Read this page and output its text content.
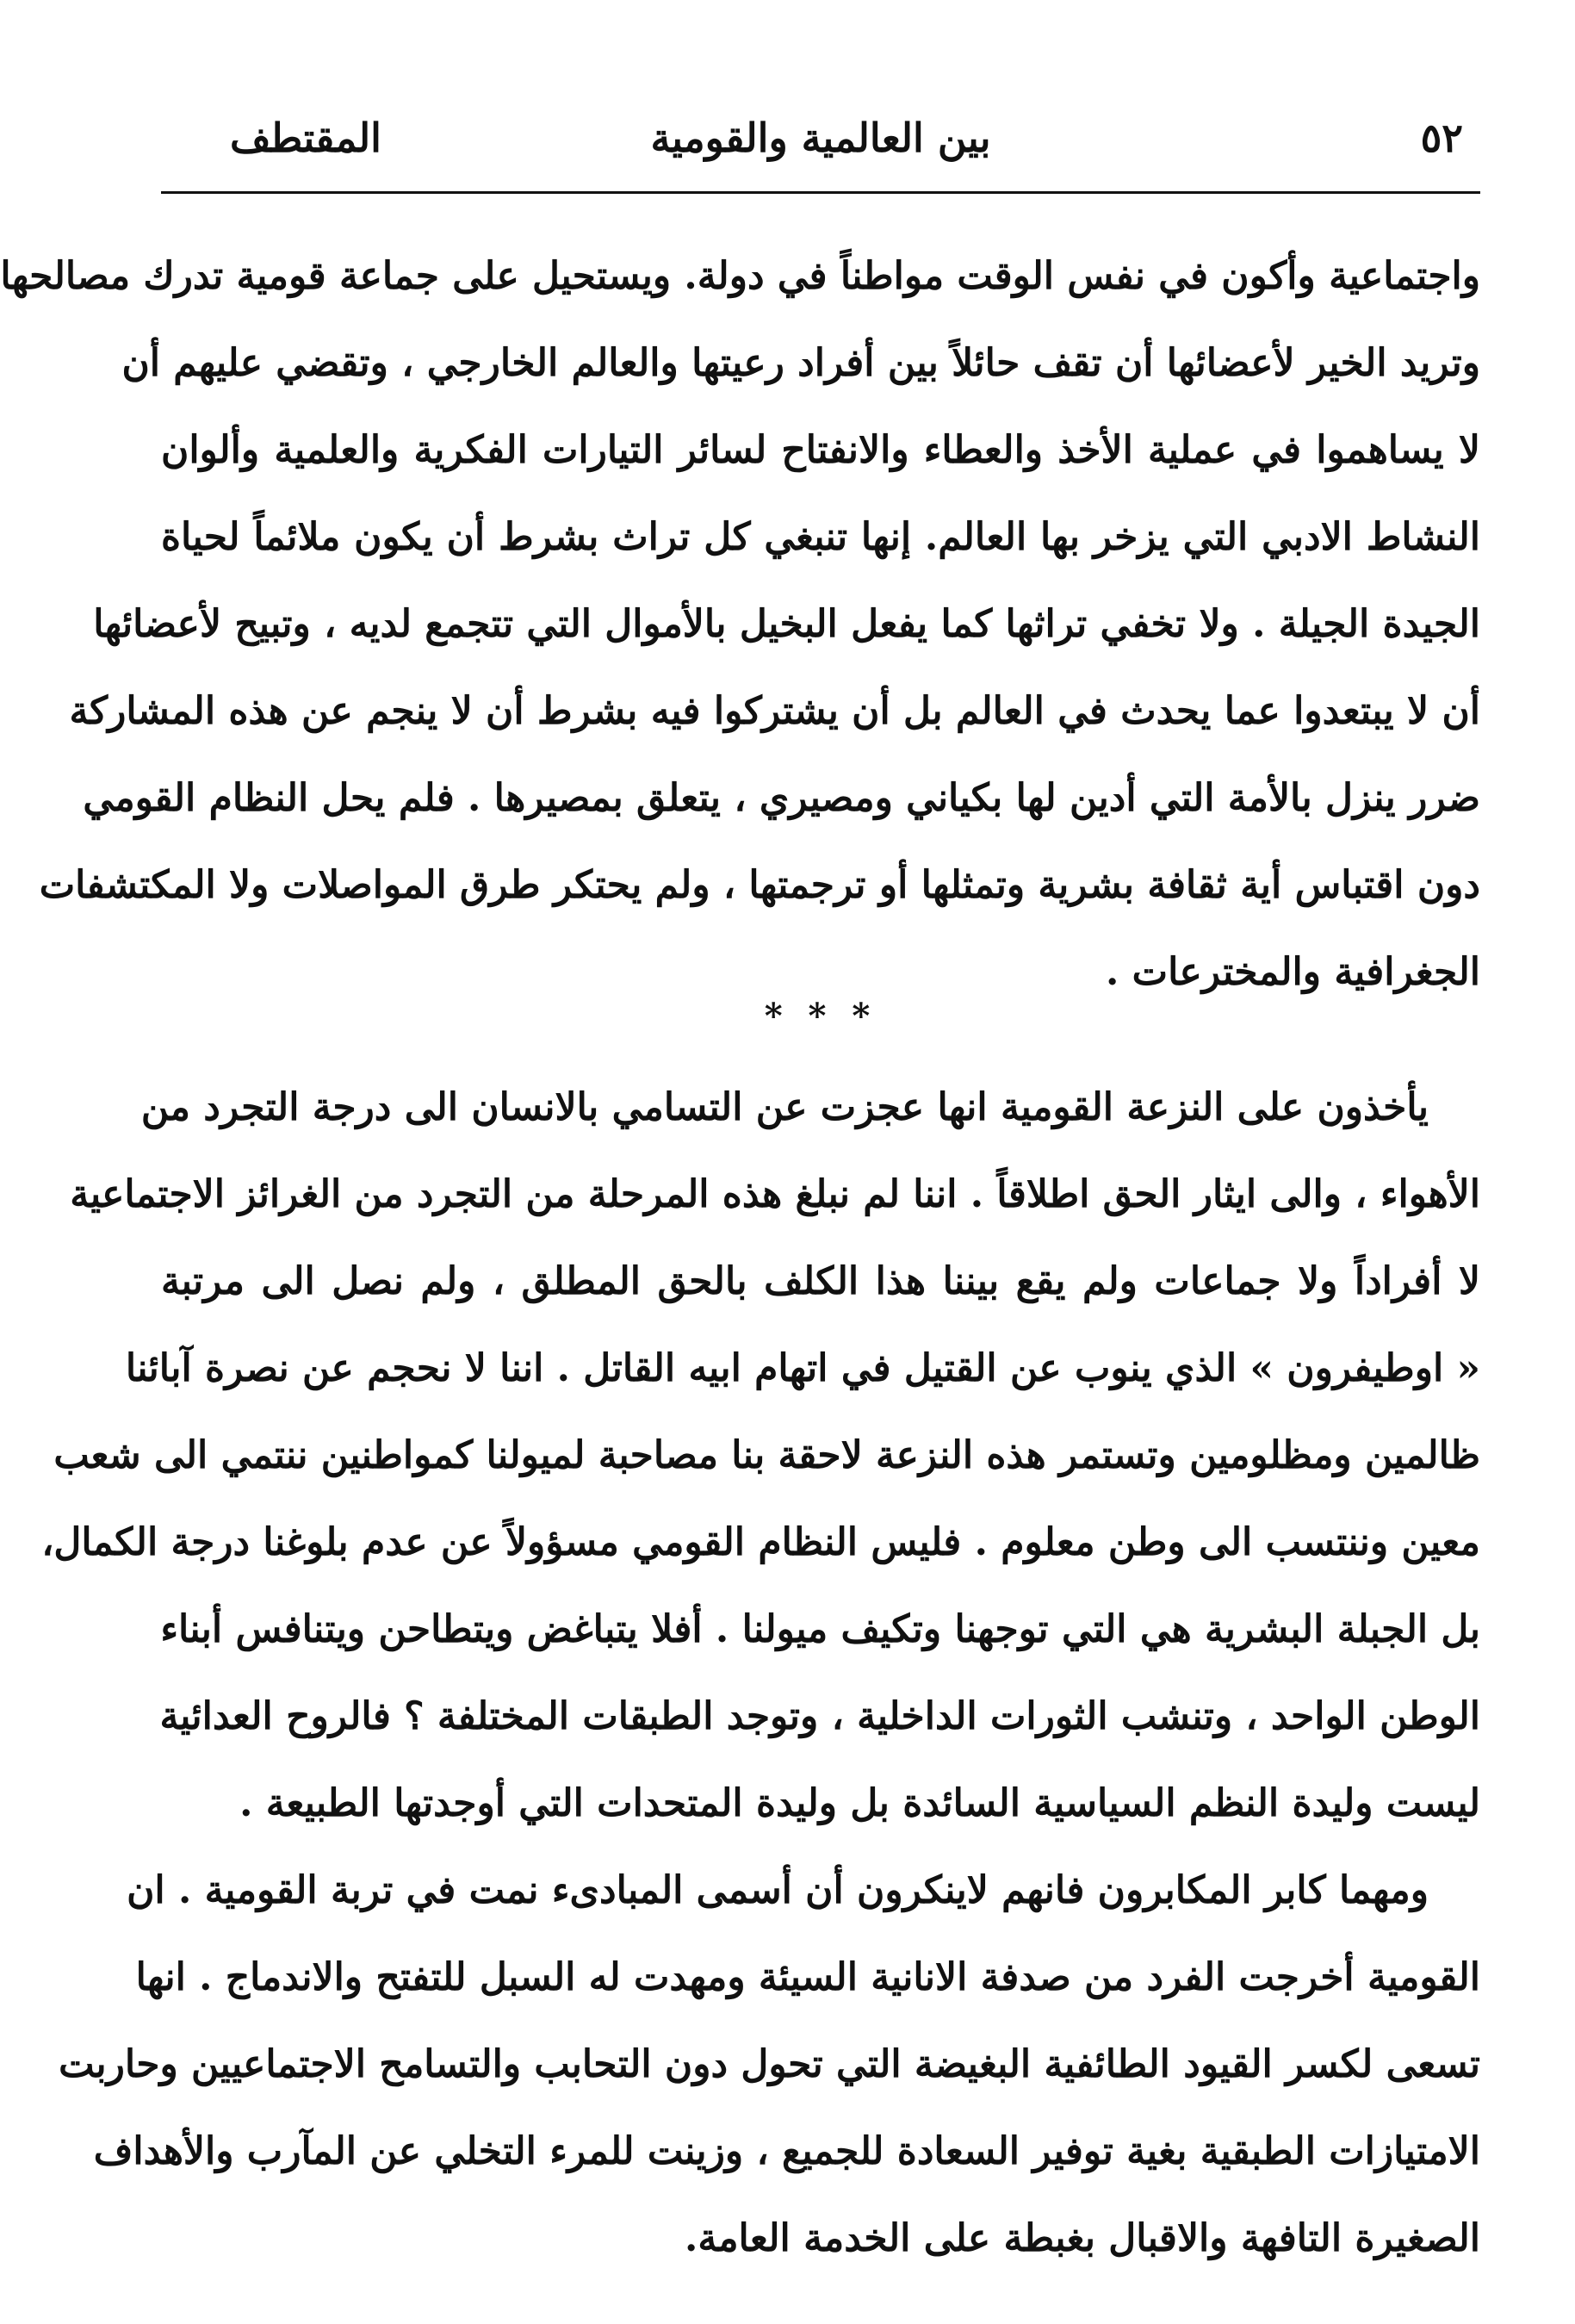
٥٢
بين العالمية والقومية
المقتطف
واجتماعية وأكون في نفس الوقت مواطناً في دولة. ويستحيل على جماعة قومية تدرك مصالحها
وتريد الخير لأعضائها أن تقف حائلاً بين أفراد رعيتها والعالم الخارجي ، وتقضي عليهم أن
لا يساهموا في عملية الأخذ والعطاء والانفتاح لسائر التيارات الفكرية والعلمية وألوان
النشاط الادبي التي يزخر بها العالم. إنها تنبغي كل تراث بشرط أن يكون ملائماً لحياة
الجيدة الجيلة . ولا تخفي تراثها كما يفعل البخيل بالأموال التي تتجمع لديه ، وتبيح لأعضائها
أن لا يبتعدوا عما يحدث في العالم بل أن يشتركوا فيه بشرط أن لا ينجم عن هذه المشاركة
ضرر ينزل بالأمة التي أدين لها بكياني ومصيري ، يتعلق بمصيرها . فلم يحل النظام القومي
دون اقتباس أية ثقافة بشرية وتمثلها أو ترجمتها ، ولم يحتكر طرق المواصلات ولا المكتشفات
الجغرافية والمخترعات .
* * *
يأخذون على النزعة القومية انها عجزت عن التسامي بالانسان الى درجة التجرد من
الأهواء ، والى ايثار الحق اطلاقاً . اننا لم نبلغ هذه المرحلة من التجرد من الغرائز الاجتماعية
لا أفراداً ولا جماعات ولم يقع بيننا هذا الكلف بالحق المطلق ، ولم نصل الى مرتبة
« اوطيفرون » الذي ينوب عن القتيل في اتهام ابيه القاتل . اننا لا نحجم عن نصرة آبائنا
ظالمين ومظلومين وتستمر هذه النزعة لاحقة بنا مصاحبة لميولنا كمواطنين ننتمي الى شعب
معين وننتسب الى وطن معلوم . فليس النظام القومي مسؤولاً عن عدم بلوغنا درجة الكمال،
بل الجبلة البشرية هي التي توجهنا وتكيف ميولنا . أفلا يتباغض ويتطاحن ويتنافس أبناء
الوطن الواحد ، وتنشب الثورات الداخلية ، وتوجد الطبقات المختلفة ؟ فالروح العدائية
ليست وليدة النظم السياسية السائدة بل وليدة المتحدات التي أوجدتها الطبيعة .
ومهما كابر المكابرون فانهم لاينكرون أن أسمى المبادىء نمت في تربة القومية . ان
القومية أخرجت الفرد من صدفة الانانية السيئة ومهدت له السبل للتفتح والاندماج . انها
تسعى لكسر القيود الطائفية البغيضة التي تحول دون التحابب والتسامح الاجتماعيين وحاربت
الامتيازات الطبقية بغية توفير السعادة للجميع ، وزينت للمرء التخلي عن المآرب والأهداف
الصغيرة التافهة والاقبال بغبطة على الخدمة العامة.
